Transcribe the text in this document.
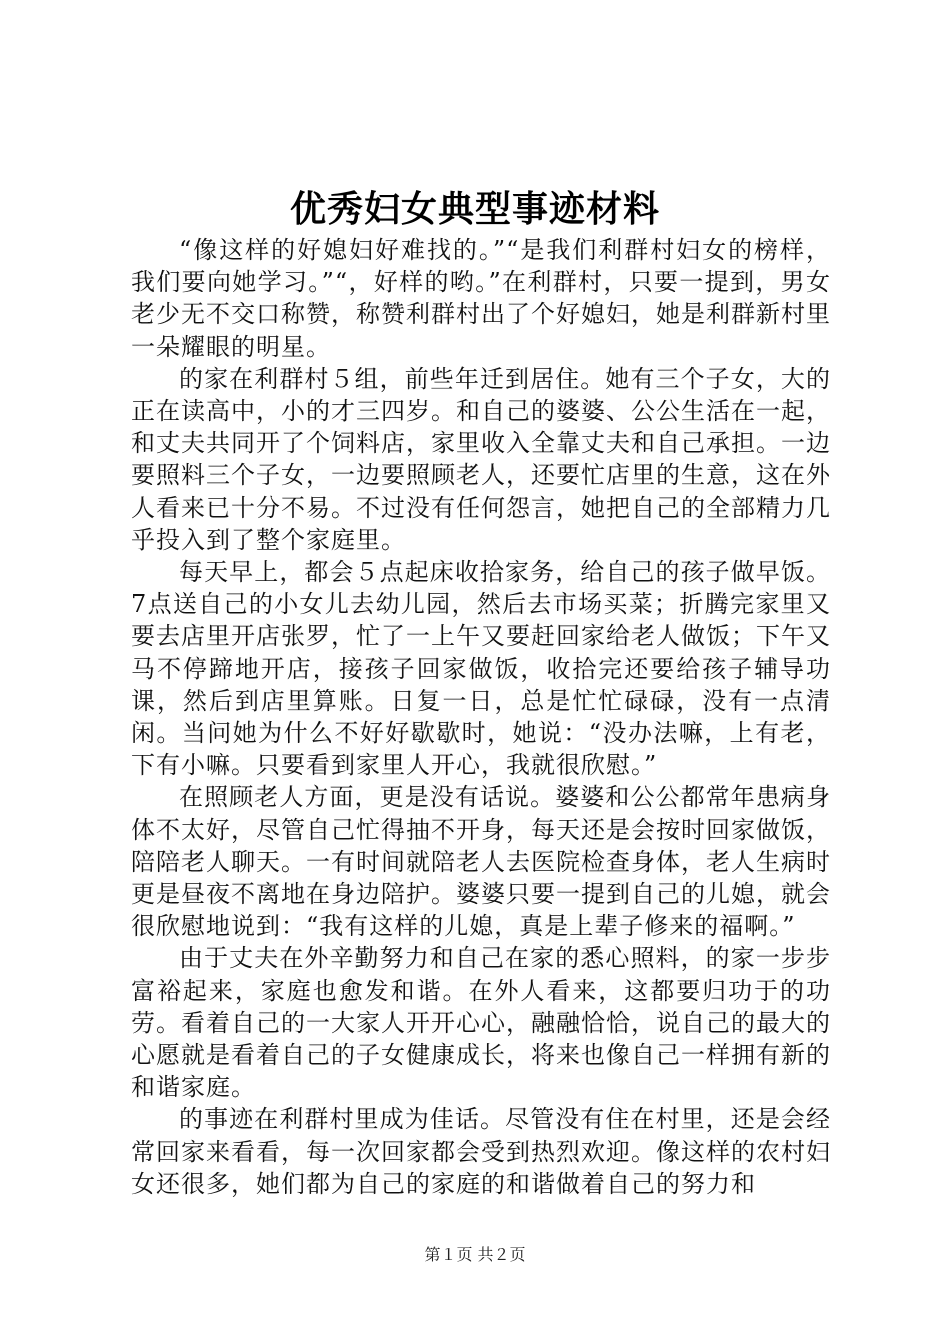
优秀妇女典型事迹材料

“像这样的好媳妇好难找的。”“是我们利群村妇女的榜样，我们要向她学习。”“，好样的哟。”在利群村，只要一提到，男女老少无不交口称赞，称赞利群村出了个好媳妇，她是利群新村里一朵耀眼的明星。

的家在利群村５组，前些年迁到居住。她有三个子女，大的正在读高中，小的才三四岁。和自己的婆婆、公公生活在一起，和丈夫共同开了个饲料店，家里收入全靠丈夫和自己承担。一边要照料三个子女，一边要照顾老人，还要忙店里的生意，这在外人看来已十分不易。不过没有任何怨言，她把自己的全部精力几乎投入到了整个家庭里。

每天早上，都会５点起床收拾家务，给自己的孩子做早饭。7点送自己的小女儿去幼儿园，然后去市场买菜；折腾完家里又要去店里开店张罗，忙了一上午又要赶回家给老人做饭；下午又马不停蹄地开店，接孩子回家做饭，收拾完还要给孩子辅导功课，然后到店里算账。日复一日，总是忙忙碌碌，没有一点清闲。当问她为什么不好好歇歇时，她说：“没办法嘛，上有老，下有小嘛。只要看到家里人开心，我就很欣慰。”

在照顾老人方面，更是没有话说。婆婆和公公都常年患病身体不太好，尽管自己忙得抽不开身，每天还是会按时回家做饭，陪陪老人聊天。一有时间就陪老人去医院检查身体，老人生病时更是昼夜不离地在身边陪护。婆婆只要一提到自己的儿媳，就会很欣慰地说到：“我有这样的儿媳，真是上辈子修来的福啊。”

由于丈夫在外辛勤努力和自己在家的悉心照料，的家一步步富裕起来，家庭也愈发和谐。在外人看来，这都要归功于的功劳。看着自己的一大家人开开心心，融融恰恰，说自己的最大的心愿就是看着自己的子女健康成长，将来也像自己一样拥有新的和谐家庭。

的事迹在利群村里成为佳话。尽管没有住在村里，还是会经常回家来看看，每一次回家都会受到热烈欢迎。像这样的农村妇女还很多，她们都为自己的家庭的和谐做着自己的努力和

第１页 共２页
